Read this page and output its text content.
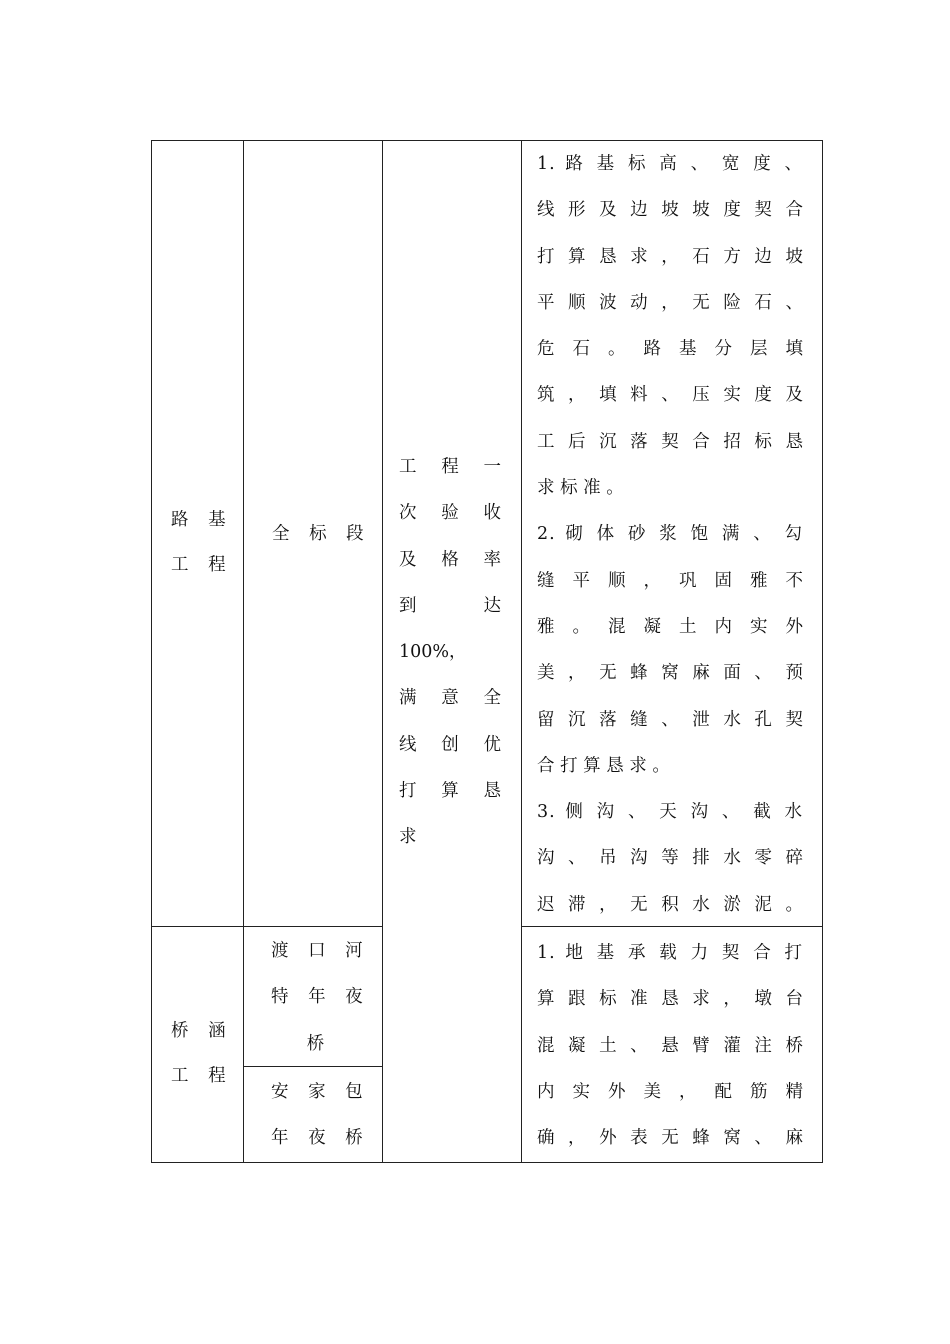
路 基
工 程
全 标 段
1. 路 基 标 高 、 宽 度 、
线 形 及 边 坡 坡 度 契 合
打 算 恳 求 ， 石 方 边 坡
平 顺 波 动 ， 无 险 石 、
危 石 。 路 基 分 层 填
筑 ， 填 料 、 压 实 度 及
工 后 沉 落 契 合 招 标 恳
求 标 准 。
2. 砌 体 砂 浆 饱 满 、 勾
缝 平 顺 ， 巩 固 雅 不
雅 。 混 凝 土 内 实 外
美 ， 无 蜂 窝 麻 面 、 预
留 沉 落 缝 、 泄 水 孔 契
合 打 算 恳 求 。
3. 侧 沟 、 天 沟 、 截 水
沟 、 吊 沟 等 排 水 零 碎
迟 滞 ， 无 积 水 淤 泥 。
工 程 一
次 验 收
及 格 率
到 达
100%，
满 意 全
线 创 优
打 算 恳
求
桥 涵
工 程
渡 口 河
特 年 夜
桥
安 家 包
年 夜 桥
1. 地 基 承 载 力 契 合 打
算 跟 标 准 恳 求 ， 墩 台
混 凝 土 、 悬 臂 灌 注 桥
内 实 外 美 ， 配 筋 精
确 ， 外 表 无 蜂 窝 、 麻
